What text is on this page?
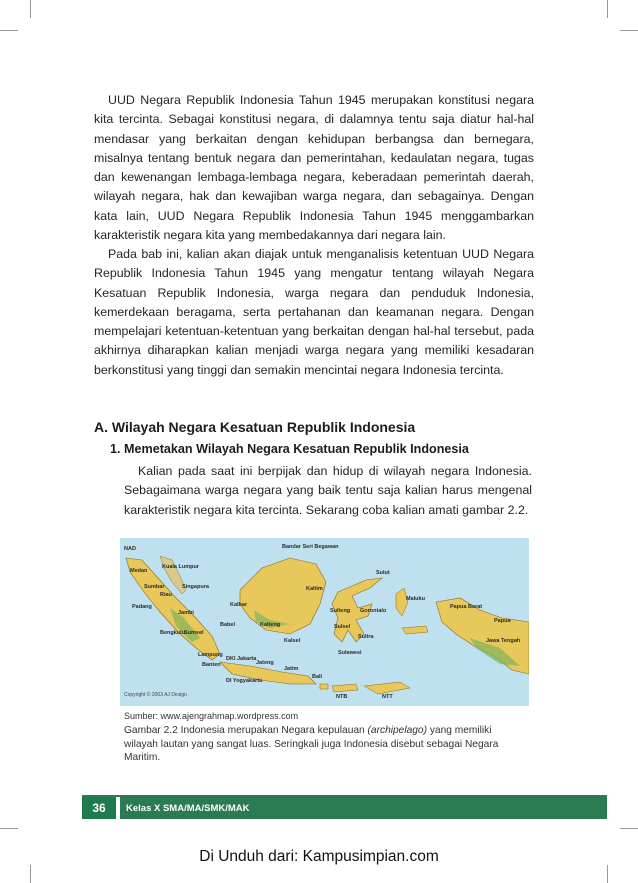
UUD Negara Republik Indonesia Tahun 1945 merupakan konstitusi negara kita tercinta. Sebagai konstitusi negara, di dalamnya tentu saja diatur hal-hal mendasar yang berkaitan dengan kehidupan berbangsa dan bernegara, misalnya tentang bentuk negara dan pemerintahan, kedaulatan negara, tugas dan kewenangan lembaga-lembaga negara, keberadaan pemerintah daerah, wilayah negara, hak dan kewajiban warga negara, dan sebagainya. Dengan kata lain, UUD Negara Republik Indonesia Tahun 1945 menggambarkan karakteristik negara kita yang membedakannya dari negara lain.

Pada bab ini, kalian akan diajak untuk menganalisis ketentuan UUD Negara Republik Indonesia Tahun 1945 yang mengatur tentang wilayah Negara Kesatuan Republik Indonesia, warga negara dan penduduk Indonesia, kemerdekaan beragama, serta pertahanan dan keamanan negara. Dengan mempelajari ketentuan-ketentuan yang berkaitan dengan hal-hal tersebut, pada akhirnya diharapkan kalian menjadi warga negara yang memiliki kesadaran berkonstitusi yang tinggi dan semakin mencintai negara Indonesia tercinta.

A. Wilayah Negara Kesatuan Republik Indonesia
1. Memetakan Wilayah Negara Kesatuan Republik Indonesia

Kalian pada saat ini berpijak dan hidup di wilayah negara Indonesia. Sebagaimana warga negara yang baik tentu saja kalian harus mengenal karakteristik negara kita tercinta. Sekarang coba kalian amati gambar 2.2.

NAD
Kuala Lumpur
Medan
Singapura
Riau
Padang
Jambi
Kalbar
Bandar Seri Begawan
Kaltim
Sulut
Sulteng Gorontalo
Maluku
Papua Barat
Papua
Sulsel
Sultra
Jawa Tengah
Bali
NTB	NTT
Lampung
Banten
DKI Jakarta
Jateng
Jatim
DI Yogyakarta
Kalsel
Kalteng
Babel
Sumsel
Bengkulu
Sumbar
Sulawesi
Copyright © 2003 AJ Design

Sumber: www.ajengrahmap.wordpress.com

Gambar 2.2 Indonesia merupakan Negara kepulauan (archipelago) yang memiliki wilayah lautan yang sangat luas. Seringkali juga Indonesia disebut sebagai Negara Maritim.

36	Kelas X SMA/MA/SMK/MAK

Di Unduh dari: Kampusimpian.com
